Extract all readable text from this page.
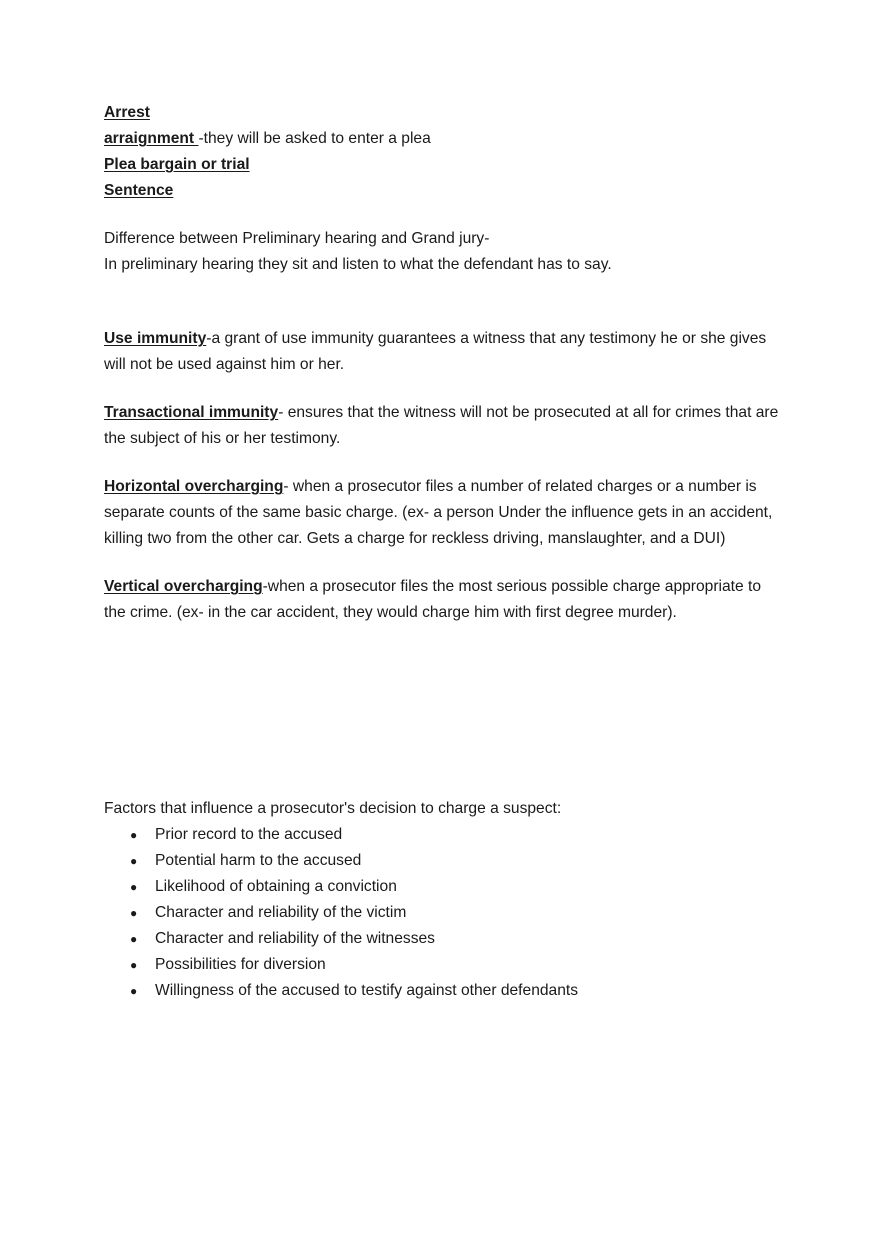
Arrest
arraignment -they will be asked to enter a plea
Plea bargain or trial
Sentence
Difference between Preliminary hearing and Grand jury-
In preliminary hearing they sit and listen to what the defendant has to say.

Use immunity-a grant of use immunity guarantees a witness that any testimony he or she gives will not be used against him or her.

Transactional immunity- ensures that the witness will not be prosecuted at all for crimes that are the subject of his or her testimony.

Horizontal overcharging- when a prosecutor files a number of related charges or a number is separate counts of the same basic charge. (ex- a person Under the influence gets in an accident, killing two from the other car. Gets a charge for reckless driving, manslaughter, and a DUI)

Vertical overcharging-when a prosecutor files the most serious possible charge appropriate to the crime. (ex- in the car accident, they would charge him with first degree murder).

Factors that influence a prosecutor's decision to charge a suspect:
● Prior record to the accused
● Potential harm to the accused
● Likelihood of obtaining a conviction
● Character and reliability of the victim
● Character and reliability of the witnesses
● Possibilities for diversion
● Willingness of the accused to testify against other defendants
